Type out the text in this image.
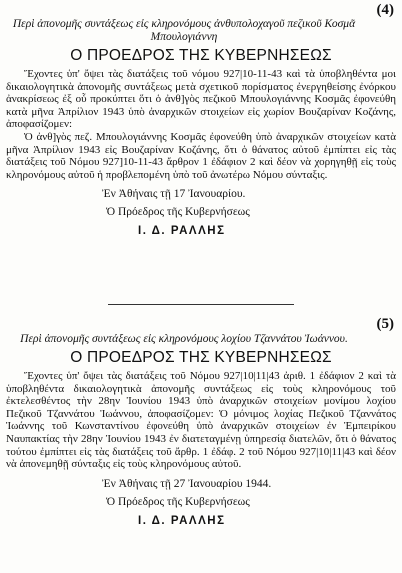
(4)

Περὶ ἀπονομῆς συντάξεως εἰς κληρονόμους ἀνθυπολοχαγοῦ πεζικοῦ Κοσμᾶ Μπουλογιάννη

Ο ΠΡΟΕΔΡΟΣ ΤΗΣ ΚΥΒΕΡΝΗΣΕΩΣ

Ἔχοντες ὑπ' ὄψει τὰς διατάξεις τοῦ νόμου 927|10-11-43 καὶ τὰ ὑποβληθέντα μοι δικαιολογητικὰ ἀπονομῆς συντάξεως μετὰ σχετικοῦ πορίσματος ἐνεργηθείσης ἐνόρκου ἀνακρίσεως ἐξ οὗ προκύπτει ὅτι ὁ ἀνθ]γὸς πεζικοῦ Μπουλογιάννης Κοσμᾶς ἐφονεύθη κατὰ μῆνα Ἀπρίλιον 1943 ὑπὸ ἀναρχικῶν στοιχείων εἰς χωρίον Βουζαρίναν Κοζάνης, ἀποφασίζομεν:

Ὁ ἀνθ]γὸς πεζ. Μπουλογιάννης Κοσμᾶς ἐφονεύθη ὑπὸ ἀναρχικῶν στοιχείων κατὰ μῆνα Ἀπρίλιον 1943 εἰς Βουζαρίναν Κοζάνης, ὅτι ὁ θάνατος αὐτοῦ ἐμπίπτει εἰς τὰς διατάξεις τοῦ Νόμου 927]10-11-43 ἄρθρον 1 ἐδάφιον 2 καὶ δέον νὰ χορηγηθῇ εἰς τοὺς κληρονόμους αὐτοῦ ἡ προβλεπομένη ὑπὸ τοῦ ἀνωτέρω Νόμου σύνταξις.

Ἐν Ἀθήναις τῇ 17 Ἰανουαρίου.
Ὁ Πρόεδρος τῆς Κυβερνήσεως
Ι. Δ. ΡΑΛΛΗΣ
(5)

Περὶ ἀπονομῆς συντάξεως εἰς κληρονόμους λοχίου Τζαννάτου Ἰωάννου.

Ο ΠΡΟΕΔΡΟΣ ΤΗΣ ΚΥΒΕΡΝΗΣΕΩΣ

Ἔχοντες ὑπ' ὄψει τὰς διατάξεις τοῦ Νόμου 927|10|11|43 ἀριθ. 1 ἐδάφιον 2 καὶ τὰ ὑποβληθέντα δικαιολογητικὰ ἀπονομῆς συντάξεως εἰς τοὺς κληρονόμους τοῦ ἐκτελεσθέντος τὴν 28ην Ἰουνίου 1943 ὑπὸ ἀναρχικῶν στοιχείων μονίμου λοχίου Πεζικοῦ Τζαννάτου Ἰωάννου, ἀποφασίζομεν: Ὁ μόνιμος λοχίας Πεζικοῦ Τζαννάτος Ἰωάννης τοῦ Κωνσταντίνου ἐφονεύθη ὑπὸ ἀναρχικῶν στοιχείων ἐν Ἐμπειρίκου Ναυπακτίας τὴν 28ην Ἰουνίου 1943 ἐν διατεταγμένῃ ὑπηρεσίᾳ διατελῶν, ὅτι ὁ θάνατος τούτου ἐμπίπτει εἰς τὰς διατάξεις τοῦ ἄρθρ. 1 ἐδάφ. 2 τοῦ Νόμου 927|10|11|43 καὶ δέον νὰ ἀπονεμηθῇ σύνταξις εἰς τοὺς κληρονόμους αὐτοῦ.

Ἐν Ἀθήναις τῇ 27 Ἰανουαρίου 1944.
Ὁ Πρόεδρος τῆς Κυβερνήσεως
Ι. Δ. ΡΑΛΛΗΣ
